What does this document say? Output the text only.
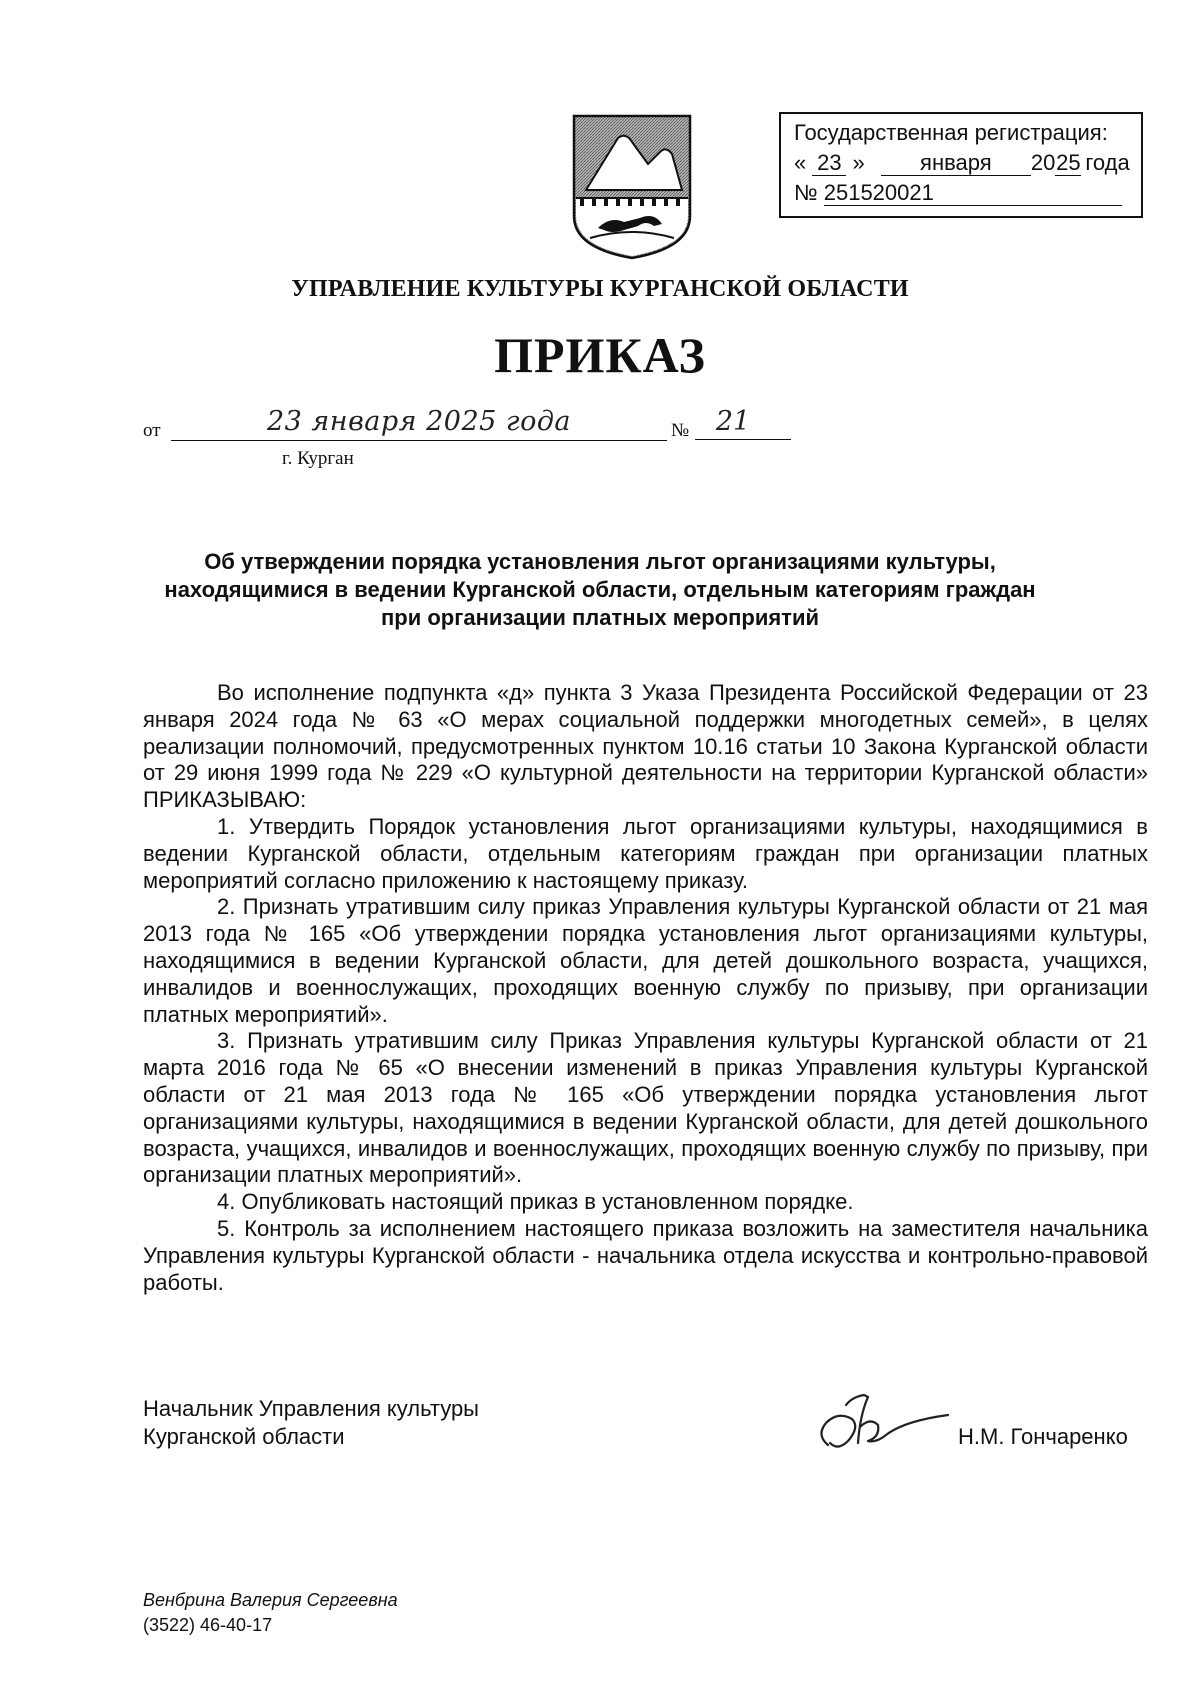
Государственная регистрация:
« 23 »	января 2025 года
№ 251520021
УПРАВЛЕНИЕ КУЛЬТУРЫ КУРГАНСКОЙ ОБЛАСТИ
ПРИКАЗ
от	23 января 2025 года	№ 21
г. Курган
Об утверждении порядка установления льгот организациями культуры, находящимися в ведении Курганской области, отдельным категориям граждан при организации платных мероприятий

Во исполнение подпункта «д» пункта 3 Указа Президента Российской Федерации от 23 января 2024 года № 63 «О мерах социальной поддержки многодетных семей», в целях реализации полномочий, предусмотренных пунктом 10.16 статьи 10 Закона Курганской области от 29 июня 1999 года № 229 «О культурной деятельности на территории Курганской области» ПРИКАЗЫВАЮ:

1. Утвердить Порядок установления льгот организациями культуры, находящимися в ведении Курганской области, отдельным категориям граждан при организации платных мероприятий согласно приложению к настоящему приказу.

2. Признать утратившим силу приказ Управления культуры Курганской области от 21 мая 2013 года № 165 «Об утверждении порядка установления льгот организациями культуры, находящимися в ведении Курганской области, для детей дошкольного возраста, учащихся, инвалидов и военнослужащих, проходящих военную службу по призыву, при организации платных мероприятий».

3. Признать утратившим силу Приказ Управления культуры Курганской области от 21 марта 2016 года № 65 «О внесении изменений в приказ Управления культуры Курганской области от 21 мая 2013 года № 165 «Об утверждении порядка установления льгот организациями культуры, находящимися в ведении Курганской области, для детей дошкольного возраста, учащихся, инвалидов и военнослужащих, проходящих военную службу по призыву, при организации платных мероприятий».

4. Опубликовать настоящий приказ в установленном порядке.

5. Контроль за исполнением настоящего приказа возложить на заместителя начальника Управления культуры Курганской области - начальника отдела искусства и контрольно-правовой работы.

Начальник Управления культуры
Курганской области	Н.М. Гончаренко
Венбрина Валерия Сергеевна
(3522) 46-40-17
